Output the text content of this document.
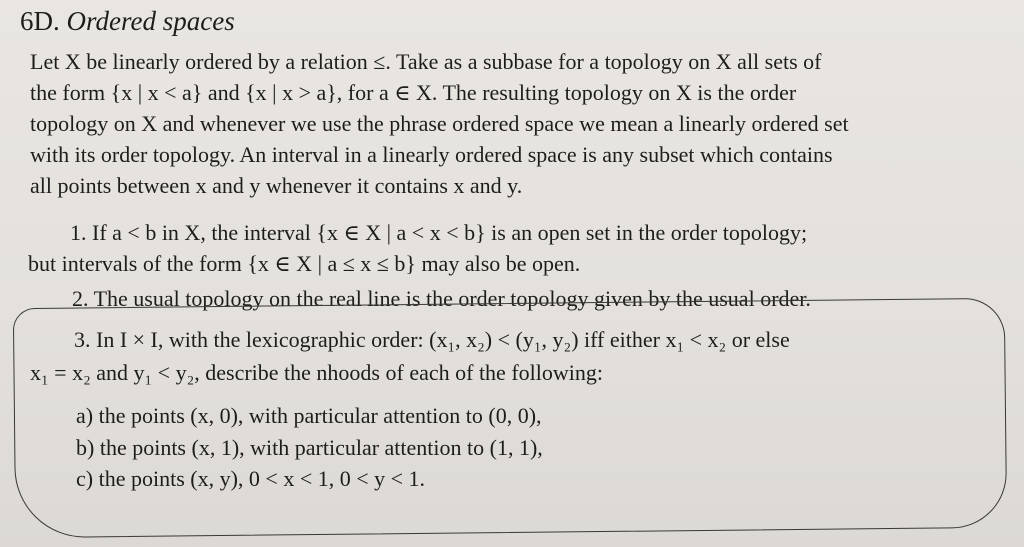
6D. Ordered spaces
Let X be linearly ordered by a relation ≤. Take as a subbase for a topology on X all sets of
the form {x | x < a} and {x | x > a}, for a ∈ X. The resulting topology on X is the order
topology on X and whenever we use the phrase ordered space we mean a linearly ordered set
with its order topology. An interval in a linearly ordered space is any subset which contains
all points between x and y whenever it contains x and y.
1. If a < b in X, the interval {x ∈ X | a < x < b} is an open set in the order topology;
but intervals of the form {x ∈ X | a ≤ x ≤ b} may also be open.
2. The usual topology on the real line is the order topology given by the usual order.
3. In I × I, with the lexicographic order: (x₁, x₂) < (y₁, y₂) iff either x₁ < x₂ or else
x₁ = x₂ and y₁ < y₂, describe the nhoods of each of the following:
a) the points (x, 0), with particular attention to (0, 0),
b) the points (x, 1), with particular attention to (1, 1),
c) the points (x, y), 0 < x < 1, 0 < y < 1.
